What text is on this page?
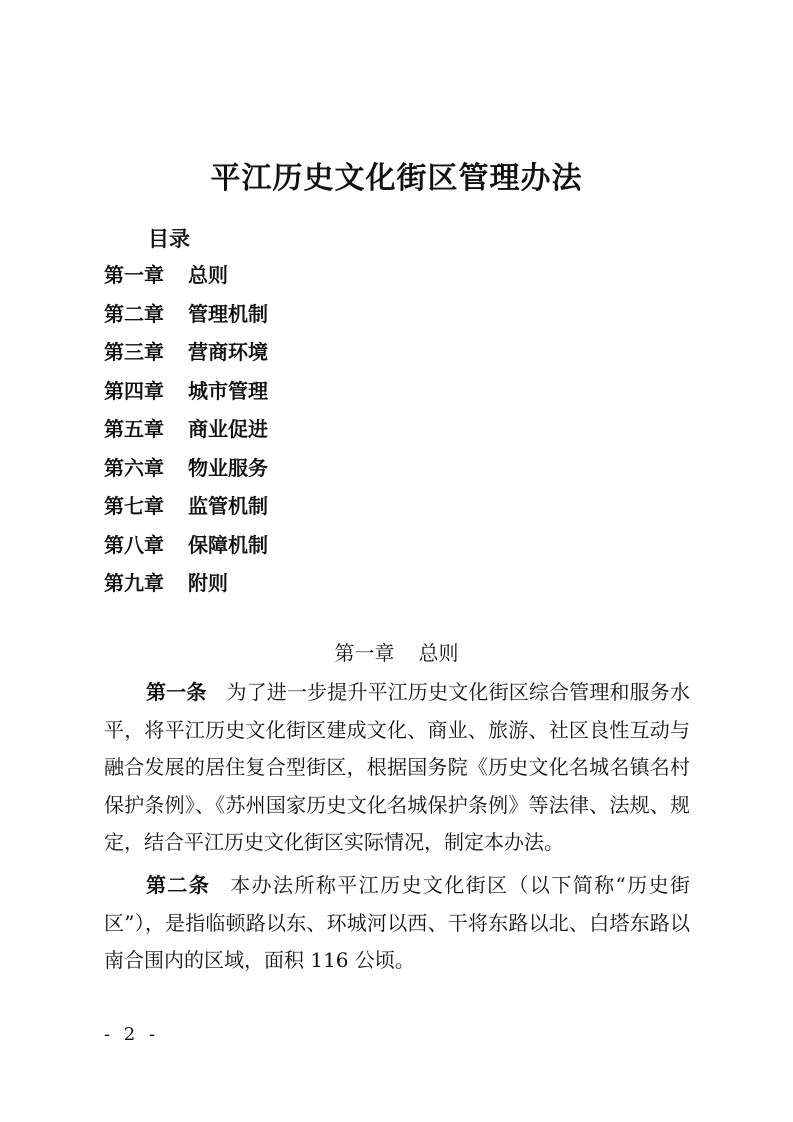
平江历史文化街区管理办法
目录
第一章 总则
第二章 管理机制
第三章 营商环境
第四章 城市管理
第五章 商业促进
第六章 物业服务
第七章 监管机制
第八章 保障机制
第九章 附则
第一章 总则

第一条 为了进一步提升平江历史文化街区综合管理和服务水平，将平江历史文化街区建成文化、商业、旅游、社区良性互动与融合发展的居住复合型街区，根据国务院《历史文化名城名镇名村保护条例》、《苏州国家历史文化名城保护条例》等法律、法规、规定，结合平江历史文化街区实际情况，制定本办法。

第二条 本办法所称平江历史文化街区（以下简称“历史街区”），是指临顿路以东、环城河以西、干将东路以北、白塔东路以南合围内的区域，面积 116 公顷。

- 2 -
